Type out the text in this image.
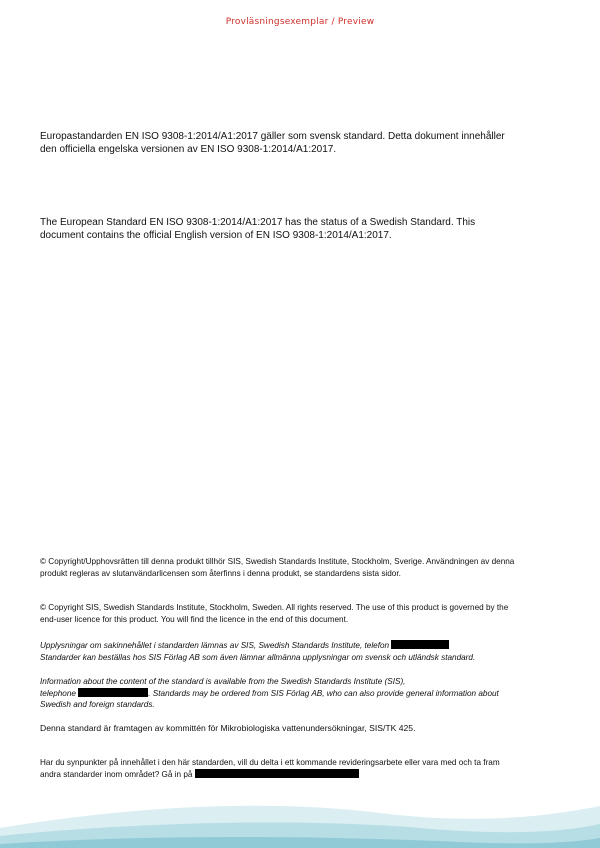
Provläsningsexemplar / Preview

Europastandarden EN ISO 9308-1:2014/A1:2017 gäller som svensk standard. Detta dokument innehåller den officiella engelska versionen av EN ISO 9308-1:2014/A1:2017.

The European Standard EN ISO 9308-1:2014/A1:2017 has the status of a Swedish Standard. This document contains the official English version of EN ISO 9308-1:2014/A1:2017.

© Copyright/Upphovsrätten till denna produkt tillhör SIS, Swedish Standards Institute, Stockholm, Sverige. Användningen av denna produkt regleras av slutanvändarlicensen som återfinns i denna produkt, se standardens sista sidor.

© Copyright SIS, Swedish Standards Institute, Stockholm, Sweden. All rights reserved. The use of this product is governed by the end-user licence for this product. You will find the licence in the end of this document.

Upplysningar om sakinnehållet i standarden lämnas av SIS, Swedish Standards Institute, telefon
Standarder kan beställas hos SIS Förlag AB som även lämnar allmänna upplysningar om svensk och utländsk standard.

Information about the content of the standard is available from the Swedish Standards Institute (SIS),
telephone	. Standards may be ordered from SIS Förlag AB, who can also provide general information about Swedish and foreign standards.

Denna standard är framtagen av kommittén för Mikrobiologiska vattenundersökningar, SIS/TK 425.

Har du synpunkter på innehållet i den här standarden, vill du delta i ett kommande revideringsarbete eller vara med och ta fram andra standarder inom området? Gå in på
